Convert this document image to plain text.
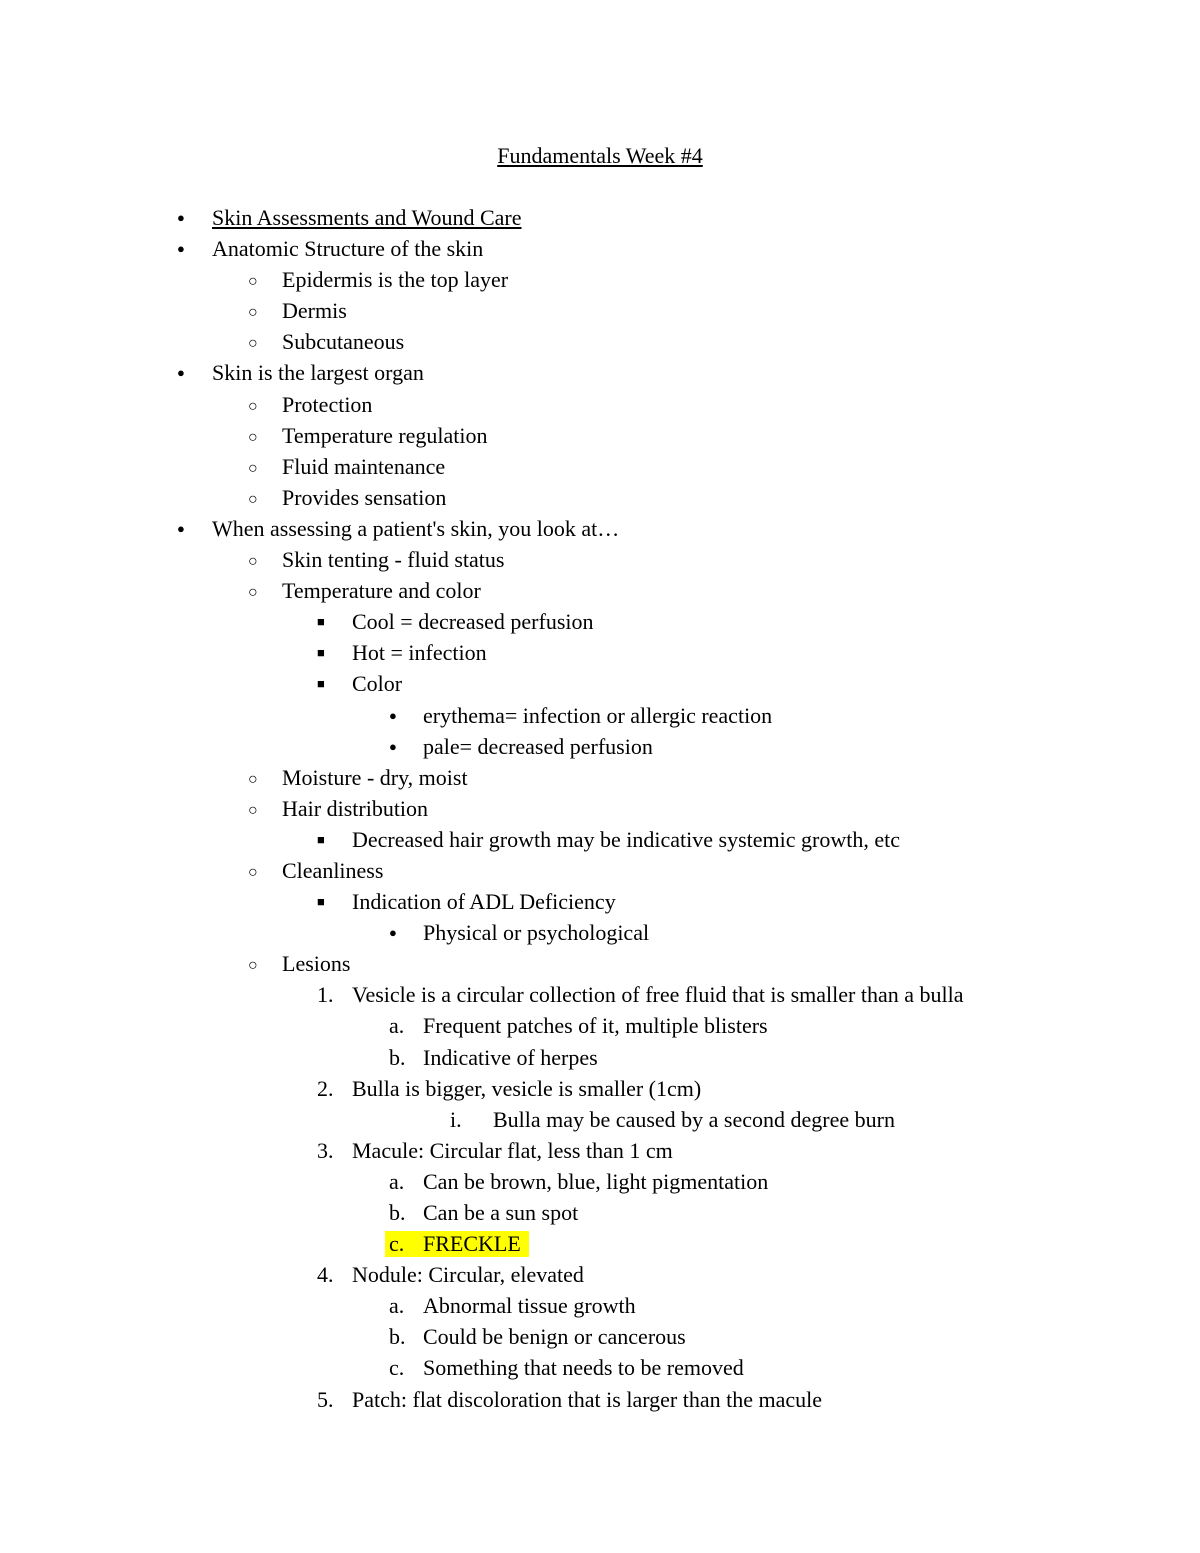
Fundamentals Week #4
●
Skin Assessments and Wound Care
●
Anatomic Structure of the skin
○
Epidermis is the top layer
○
Dermis
○
Subcutaneous
●
Skin is the largest organ
○
Protection
○
Temperature regulation
○
Fluid maintenance
○
Provides sensation
●
When assessing a patient's skin, you look at…
○
Skin tenting - fluid status
○
Temperature and color
■
Cool = decreased perfusion
■
Hot = infection
■
Color
●
erythema= infection or allergic reaction
●
pale= decreased perfusion
○
Moisture - dry, moist
○
Hair distribution
■
Decreased hair growth may be indicative systemic growth, etc
○
Cleanliness
■
Indication of ADL Deficiency
●
Physical or psychological
○
Lesions
1. Vesicle is a circular collection of free fluid that is smaller than a bulla
a. Frequent patches of it, multiple blisters
b. Indicative of herpes
2. Bulla is bigger, vesicle is smaller (1cm)
i. Bulla may be caused by a second degree burn
3. Macule: Circular flat, less than 1 cm
a. Can be brown, blue, light pigmentation
b. Can be a sun spot
c. FRECKLE
4. Nodule: Circular, elevated
a. Abnormal tissue growth
b. Could be benign or cancerous
c. Something that needs to be removed
5. Patch: flat discoloration that is larger than the macule
